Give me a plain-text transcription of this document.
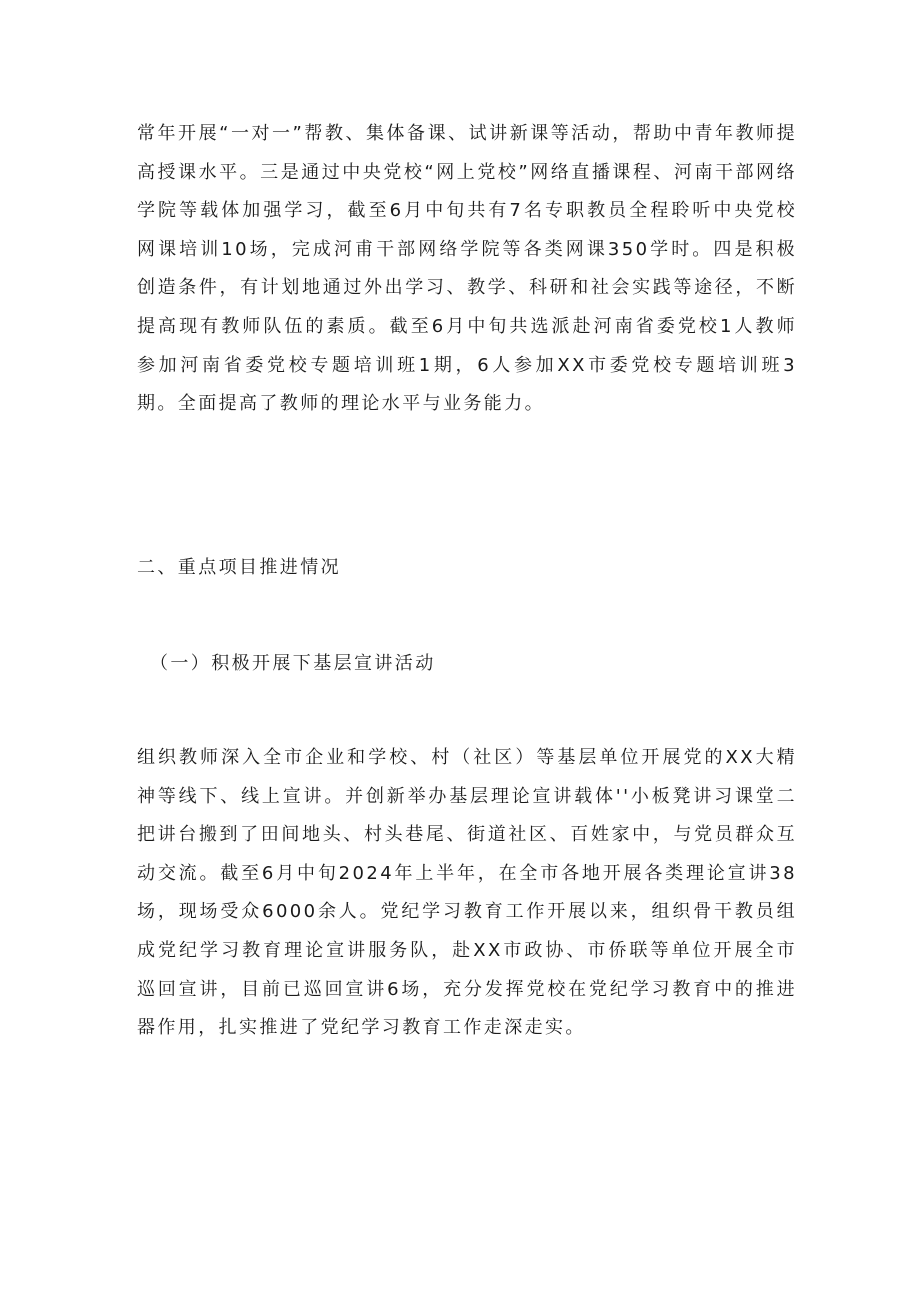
常年开展“一对一”帮教、集体备课、试讲新课等活动，帮助中青年教师提高授课水平。三是通过中央党校“网上党校”网络直播课程、河南干部网络学院等载体加强学习，截至6月中旬共有7名专职教员全程聆听中央党校网课培训10场，完成河甫干部网络学院等各类网课350学时。四是积极创造条件，有计划地通过外出学习、教学、科研和社会实践等途径，不断提高现有教师队伍的素质。截至6月中旬共选派赴河南省委党校1人教师参加河南省委党校专题培训班1期，6人参加XX市委党校专题培训班3期。全面提高了教师的理论水平与业务能力。

二、重点项目推进情况
（一）积极开展下基层宣讲活动

组织教师深入全市企业和学校、村（社区）等基层单位开展党的XX大精神等线下、线上宣讲。并创新举办基层理论宣讲载体''小板凳讲习课堂二把讲台搬到了田间地头、村头巷尾、街道社区、百姓家中，与党员群众互动交流。截至6月中旬2024年上半年，在全市各地开展各类理论宣讲38场，现场受众6000余人。党纪学习教育工作开展以来，组织骨干教员组成党纪学习教育理论宣讲服务队，赴XX市政协、市侨联等单位开展全市巡回宣讲，目前已巡回宣讲6场，充分发挥党校在党纪学习教育中的推进器作用，扎实推进了党纪学习教育工作走深走实。
